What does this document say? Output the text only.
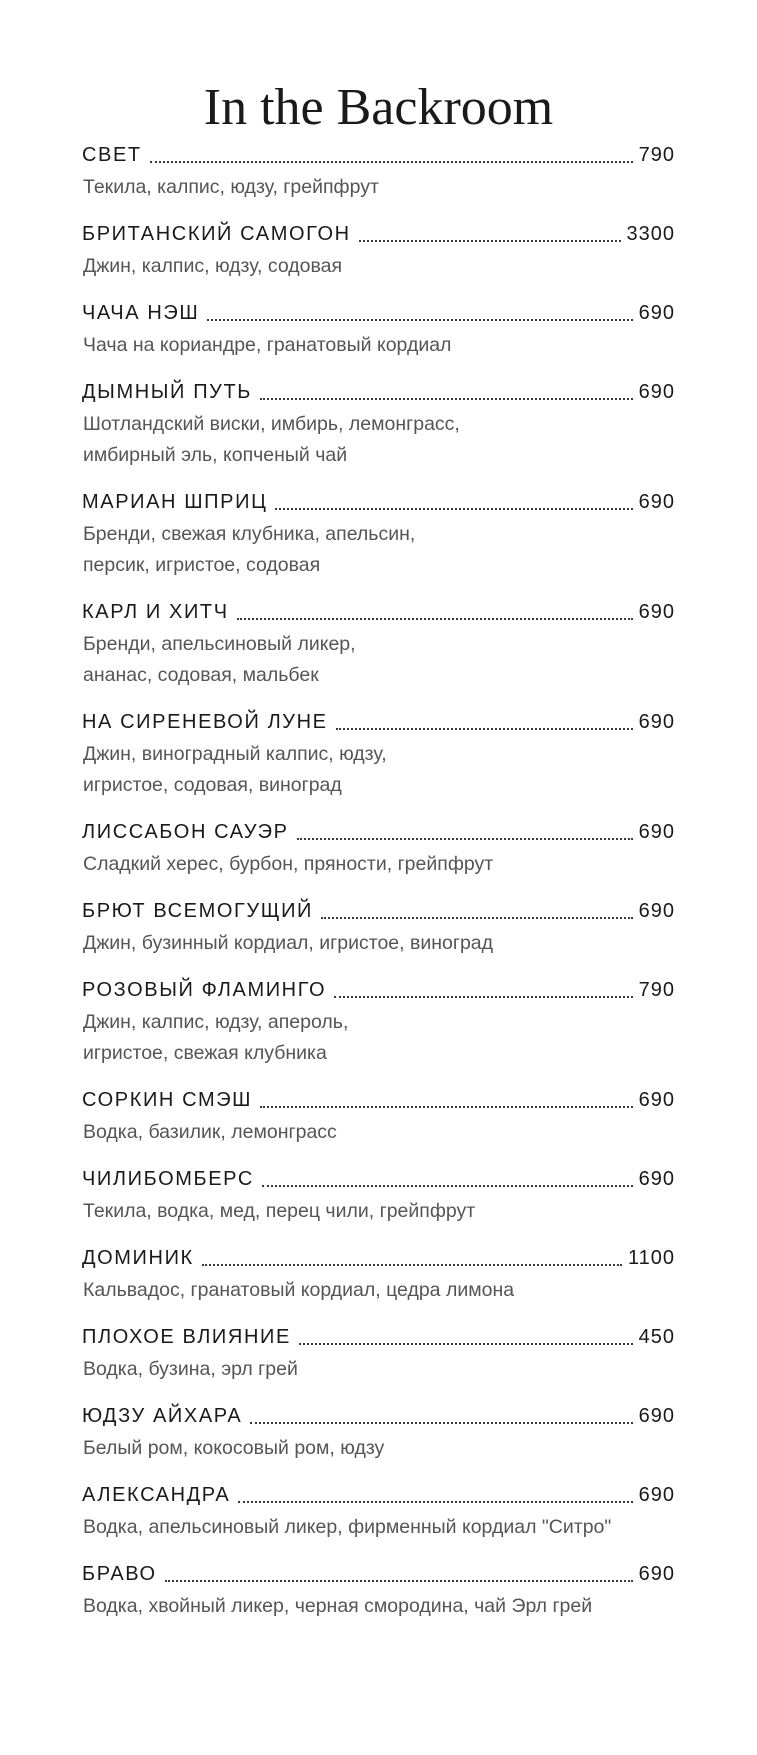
In the Backroom
СВЕТ	790
Текила, калпис, юдзу, грейпфрут
БРИТАНСКИЙ САМОГОН	3300
Джин, калпис, юдзу, содовая
ЧАЧА НЭШ	690
Чача на кориандре, гранатовый кордиал
ДЫМНЫЙ ПУТЬ	690
Шотландский виски, имбирь, лемонграсс,
имбирный эль, копченый чай
МАРИАН ШПРИЦ	690
Бренди, свежая клубника, апельсин,
персик, игристое, содовая
КАРЛ И ХИТЧ	690
Бренди, апельсиновый ликер,
ананас, содовая, мальбек
НА СИРЕНЕВОЙ ЛУНЕ	690
Джин, виноградный калпис, юдзу,
игристое, содовая, виноград
ЛИССАБОН САУЭР	690
Сладкий херес, бурбон, пряности, грейпфрут
БРЮТ ВСЕМОГУЩИЙ	690
Джин, бузинный кордиал, игристое, виноград
РОЗОВЫЙ ФЛАМИНГО	790
Джин, калпис, юдзу, апероль,
игристое, свежая клубника
СОРКИН СМЭШ	690
Водка, базилик, лемонграсс
ЧИЛИБОМБЕРС	690
Текила, водка, мед, перец чили, грейпфрут
ДОМИНИК	1100
Кальвадос, гранатовый кордиал, цедра лимона
ПЛОХОЕ ВЛИЯНИЕ	450
Водка, бузина, эрл грей
ЮДЗУ АЙХАРА	690
Белый ром, кокосовый ром, юдзу
АЛЕКСАНДРА	690
Водка, апельсиновый ликер, фирменный кордиал "Ситро"
БРАВО	690
Водка, хвойный ликер, черная смородина, чай Эрл грей
